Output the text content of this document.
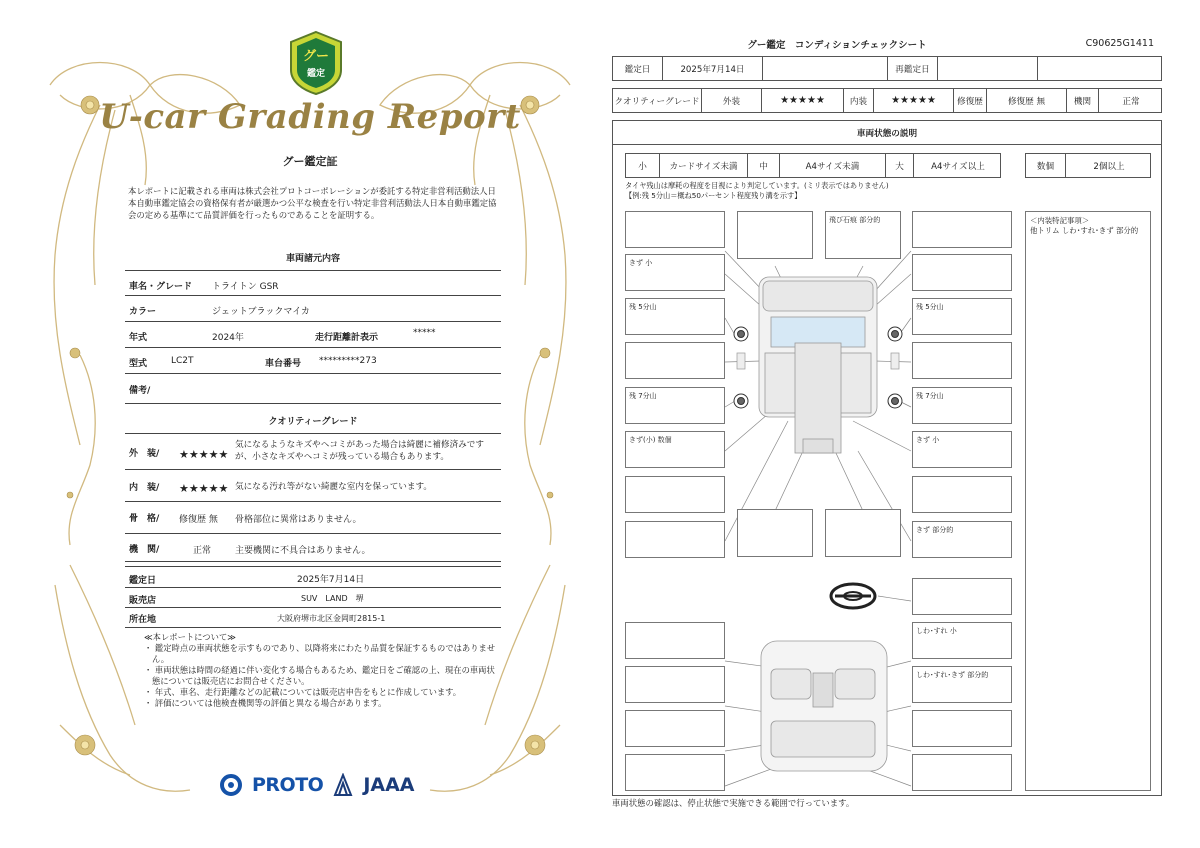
グー
鑑定
U-car Grading Report
グー鑑定証
本レポートに記載される車両は株式会社プロトコーポレーションが委託する特定非営利活動法人日本自動車鑑定協会の資格保有者が厳選かつ公平な検査を行い特定非営利活動法人日本自動車鑑定協会の定める基準にて品質評価を行ったものであることを証明する。
車両諸元内容
車名・グレード トライトン GSR
カラー	ジェットブラックマイカ
年式	2024年	走行距離計表示	*****
型式	LC2T	車台番号 *********273
備考/
クオリティーグレード
外　装/ ★★★★★
気になるようなキズやヘコミがあった場合は綺麗に補修済みですが、小さなキズやヘコミが残っている場合もあります。
内　装/ ★★★★★ 気になる汚れ等がない綺麗な室内を保っています。
骨　格/ 修復歴 無 骨格部位に異常はありません。
機　関/	正常	主要機関に不具合はありません。
鑑定日	2025年7月14日
販売店	SUV　LAND　堺
所在地	大阪府堺市北区金岡町2815-1
≪本レポートについて≫
・ 鑑定時点の車両状態を示すものであり、以降将来にわたり品質を保証するものではありません。
・ 車両状態は時間の経過に伴い変化する場合もあるため、鑑定日をご確認の上、現在の車両状態については販売店にお問合せください。
・ 年式、車名、走行距離などの記載については販売店申告をもとに作成しています。
・ 評価については他検査機関等の評価と異なる場合があります。
PROTO JAAA
グー鑑定　コンディションチェックシート	C90625G1411
鑑定日	2025年7月14日	再鑑定日
クオリティーグレード	外装	★★★★★	内装	★★★★★	修復歴	修復歴 無	機関	正常
車両状態の説明
小	カードサイズ未満	中	A4サイズ未満	大	A4サイズ以上	数個	2個以上
タイヤ残山は摩耗の程度を目視により判定しています。(ミリ表示ではありません)
【例:残 5分山＝概ね50パーセント程度残り溝を示す】
きず 小
残 5分山
残 7分山
きず(小) 数個
飛び石痕 部分的
残 5分山
残 7分山
きず 小
きず 部分的
しわ･すれ 小
しわ･すれ･きず 部分的
＜内装特記事項＞
他トリム しわ･すれ･きず 部分的
車両状態の確認は、停止状態で実施できる範囲で行っています。
